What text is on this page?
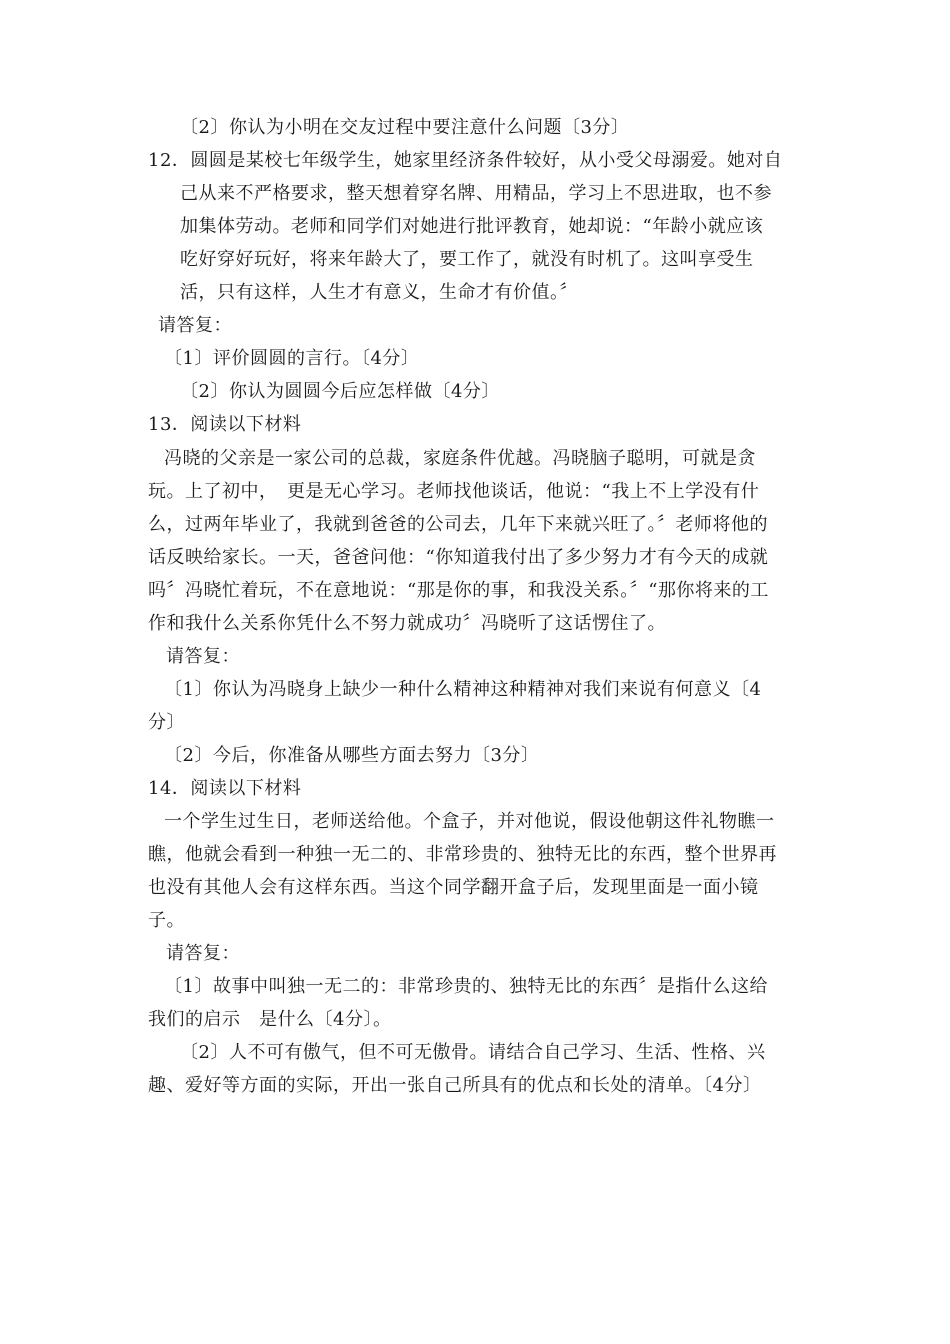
〔2〕你认为小明在交友过程中要注意什么问题〔3分〕
12．圆圆是某校七年级学生，她家里经济条件较好，从小受父母溺爱。她对自
己从来不严格要求，整天想着穿名牌、用精品，学习上不思进取，也不参
加集体劳动。老师和同学们对她进行批评教育，她却说：“年龄小就应该
吃好穿好玩好，将来年龄大了，要工作了，就没有时机了。这叫享受生
活，只有这样，人生才有意义，生命才有价值。〞
请答复：
〔1〕评价圆圆的言行。〔4分〕
〔2〕你认为圆圆今后应怎样做〔4分〕
13．阅读以下材料
冯晓的父亲是一家公司的总裁，家庭条件优越。冯晓脑子聪明，可就是贪
玩。上了初中，　更是无心学习。老师找他谈话，他说：“我上不上学没有什
么，过两年毕业了，我就到爸爸的公司去，几年下来就兴旺了。〞老师将他的
话反映给家长。一天，爸爸问他：“你知道我付出了多少努力才有今天的成就
吗〞冯晓忙着玩，不在意地说：“那是你的事，和我没关系。〞“那你将来的工
作和我什么关系你凭什么不努力就成功〞冯晓听了这话愣住了。
请答复：
〔1〕你认为冯晓身上缺少一种什么精神这种精神对我们来说有何意义〔4
分〕
〔2〕今后，你准备从哪些方面去努力〔3分〕
14．阅读以下材料
一个学生过生日，老师送给他。个盒子，并对他说，假设他朝这件礼物瞧一
瞧，他就会看到一种独一无二的、非常珍贵的、独特无比的东西，整个世界再
也没有其他人会有这样东西。当这个同学翻开盒子后，发现里面是一面小镜
子。
请答复：
〔1〕故事中叫独一无二的：非常珍贵的、独特无比的东西〞是指什么这给
我们的启示　是什么〔4分〕。
〔2〕人不可有傲气，但不可无傲骨。请结合自己学习、生活、性格、兴
趣、爱好等方面的实际，开出一张自己所具有的优点和长处的清单。〔4分〕
